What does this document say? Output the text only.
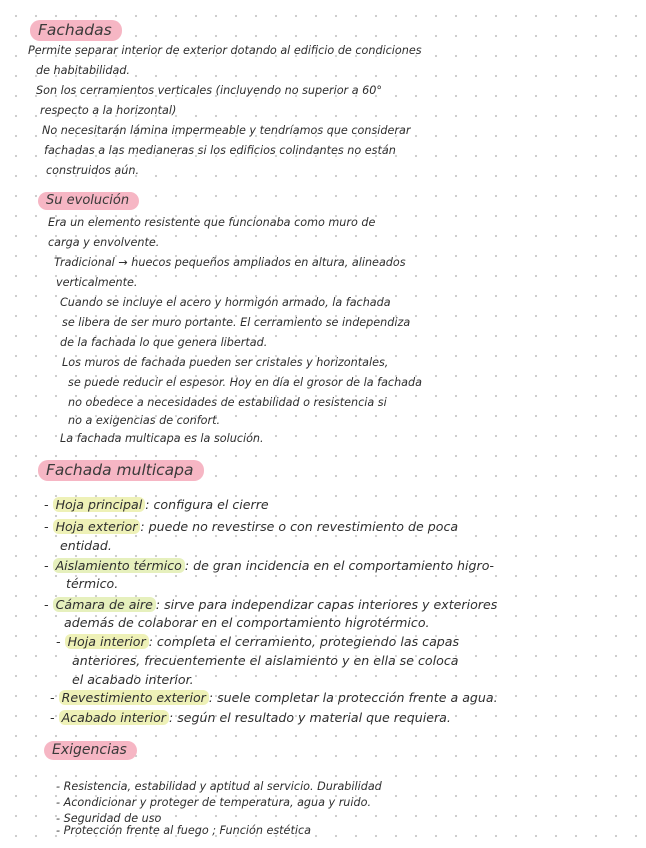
Fachadas
Permite separar interior de exterior dotando al edificio de condiciones
de habitabilidad.
Son los cerramientos verticales (incluyendo no superior a 60°
respecto a la horizontal)
No necesitarán lámina impermeable y tendríamos que considerar
fachadas a las medianeras si los edificios colindantes no están
construidos aún.
Su evolución
Era un elemento resistente que funcionaba como muro de
carga y envolvente.
Tradicional → huecos pequeños ampliados en altura, alineados
verticalmente.
Cuando se incluye el acero y hormigón armado, la fachada
se libera de ser muro portante. El cerramiento se independiza
de la fachada lo que genera libertad.
Los muros de fachada pueden ser cristales y horizontales,
se puede reducir el espesor. Hoy en día el grosor de la fachada
no obedece a necesidades de estabilidad o resistencia si
no a exigencias de confort.
La fachada multicapa es la solución.
Fachada multicapa
- Hoja principal : configura el cierre
- Hoja exterior : puede no revestirse o con revestimiento de poca
entidad.
- Aislamiento térmico : de gran incidencia en el comportamiento higro-
térmico.
- Cámara de aire : sirve para independizar capas interiores y exteriores
además de colaborar en el comportamiento higrotérmico.
- Hoja interior : completa el cerramiento, protegiendo las capas
anteriores, frecuentemente el aislamiento y en ella se coloca
el acabado interior.
- Revestimiento exterior : suele completar la protección frente a agua.
- Acabado interior : según el resultado y material que requiera.
Exigencias
- Resistencia, estabilidad y aptitud al servicio. Durabilidad
- Acondicionar y proteger de temperatura, agua y ruido.
- Seguridad de uso
- Protección frente al fuego ; Función estética
